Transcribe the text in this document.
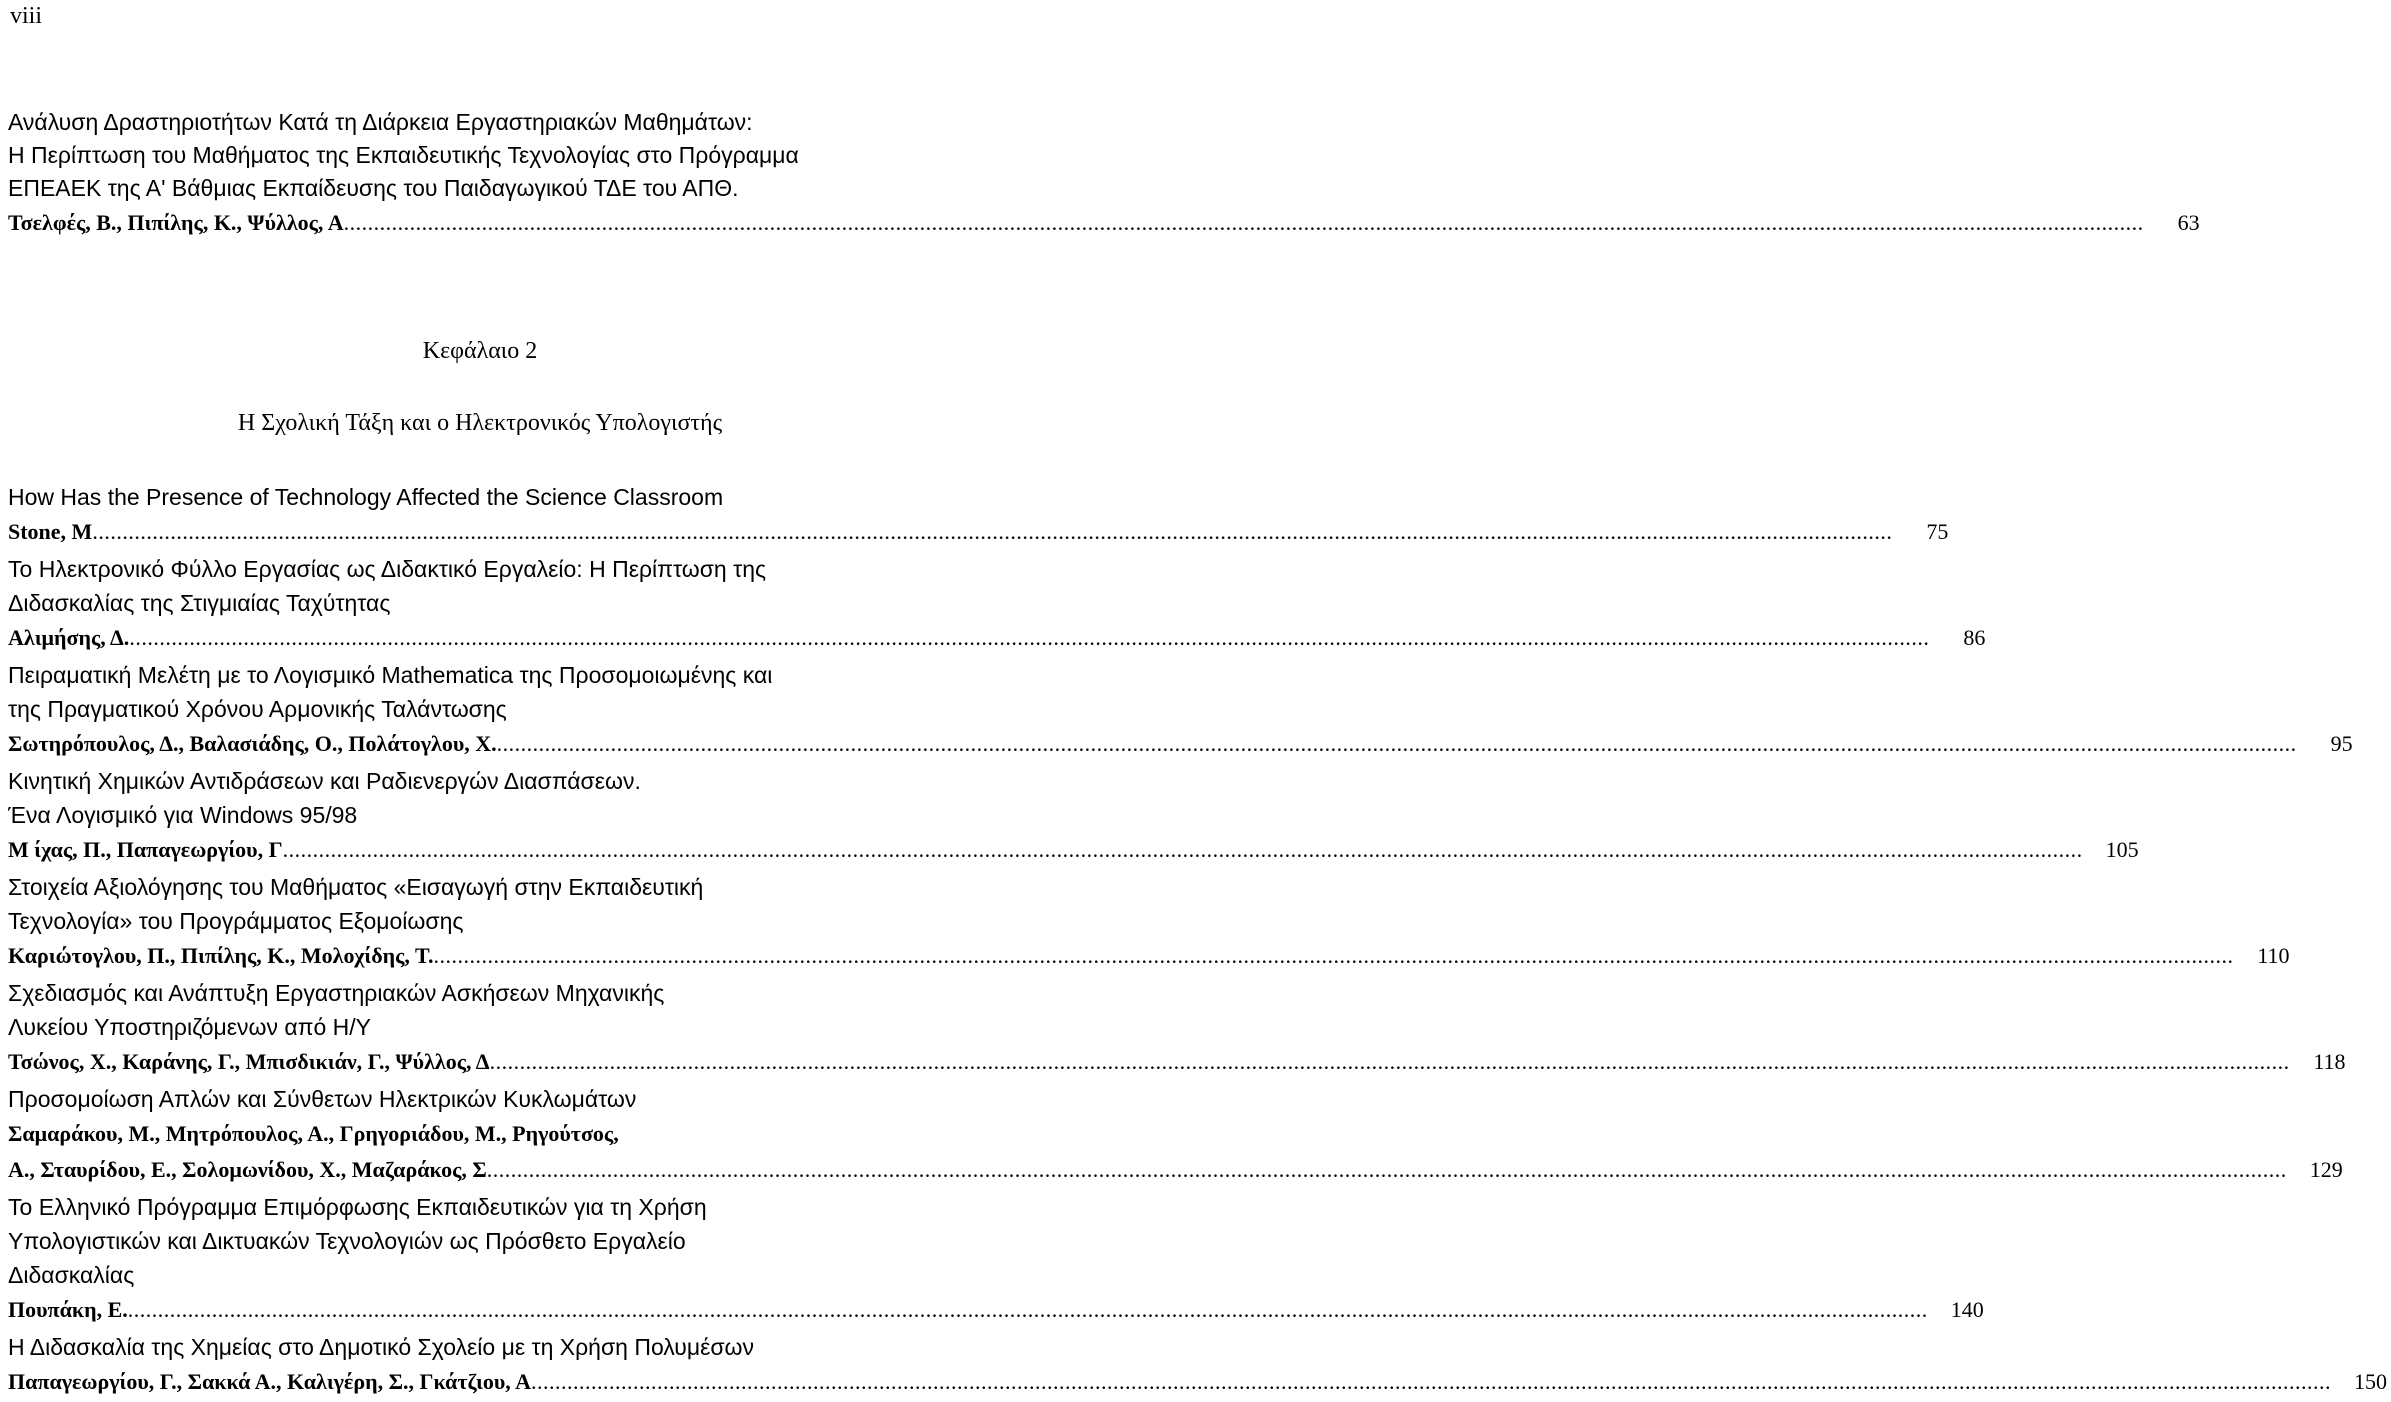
viii
Ανάλυση Δραστηριοτήτων Κατά τη Διάρκεια Εργαστηριακών Μαθημάτων:
Η Περίπτωση του Μαθήματος της Εκπαιδευτικής Τεχνολογίας στο Πρόγραμμα
ΕΠΕΑΕΚ της Α' Βάθμιας Εκπαίδευσης του Παιδαγωγικού ΤΔΕ του ΑΠΘ.
Τσελφές, Β., Πιπίλης, Κ., Ψύλλος, Α ............................................................................................................................................................................................................................................................................................................	63
Κεφάλαιο 2
Η Σχολική Τάξη και ο Ηλεκτρονικός Υπολογιστής
How Has the Presence of Technology Affected the Science Classroom
Stone, M ............................................................................................................................................................................................................................................................................................................	75
Το Ηλεκτρονικό Φύλλο Εργασίας ως Διδακτικό Εργαλείο: Η Περίπτωση της
Διδασκαλίας της Στιγμιαίας Ταχύτητας
Αλιμήσης, Δ. ............................................................................................................................................................................................................................................................................................................	86
Πειραματική Μελέτη με το Λογισμικό Mathematica της Προσομοιωμένης και
της Πραγματικού Χρόνου Αρμονικής Ταλάντωσης
Σωτηρόπουλος, Δ., Βαλασιάδης, Ο., Πολάτογλου, Χ. ............................................................................................................................................................................................................................................................................................................	95
Κινητική Χημικών Αντιδράσεων και Ραδιενεργών Διασπάσεων.
Ένα Λογισμικό για Windows 95/98
Μ ίχας, Π., Παπαγεωργίου, Γ ............................................................................................................................................................................................................................................................................................................	105
Στοιχεία Αξιολόγησης του Μαθήματος «Εισαγωγή στην Εκπαιδευτική
Τεχνολογία» του Προγράμματος Εξομοίωσης
Καριώτογλου, Π., Πιπίλης, Κ., Μολοχίδης, Τ. ............................................................................................................................................................................................................................................................................................................	110
Σχεδιασμός και Ανάπτυξη Εργαστηριακών Ασκήσεων Μηχανικής
Λυκείου Υποστηριζόμενων από Η/Υ
Τσώνος, Χ., Καράνης, Γ., Μπισδικιάν, Γ., Ψύλλος, Δ ............................................................................................................................................................................................................................................................................................................	118
Προσομοίωση Απλών και Σύνθετων Ηλεκτρικών Κυκλωμάτων
Σαμαράκου, Μ., Μητρόπουλος, Α., Γρηγοριάδου, Μ., Ρηγούτσος,
Α., Σταυρίδου, Ε., Σολομωνίδου, Χ., Μαζαράκος, Σ ............................................................................................................................................................................................................................................................................................................	129
Το Ελληνικό Πρόγραμμα Επιμόρφωσης Εκπαιδευτικών για τη Χρήση
Υπολογιστικών και Δικτυακών Τεχνολογιών ως Πρόσθετο Εργαλείο
Διδασκαλίας
Πουπάκη, Ε. ............................................................................................................................................................................................................................................................................................................	140
Η Διδασκαλία της Χημείας στο Δημοτικό Σχολείο με τη Χρήση Πολυμέσων
Παπαγεωργίου, Γ., Σακκά Α., Καλιγέρη, Σ., Γκάτζιου, Α ............................................................................................................................................................................................................................................................................................................	150
